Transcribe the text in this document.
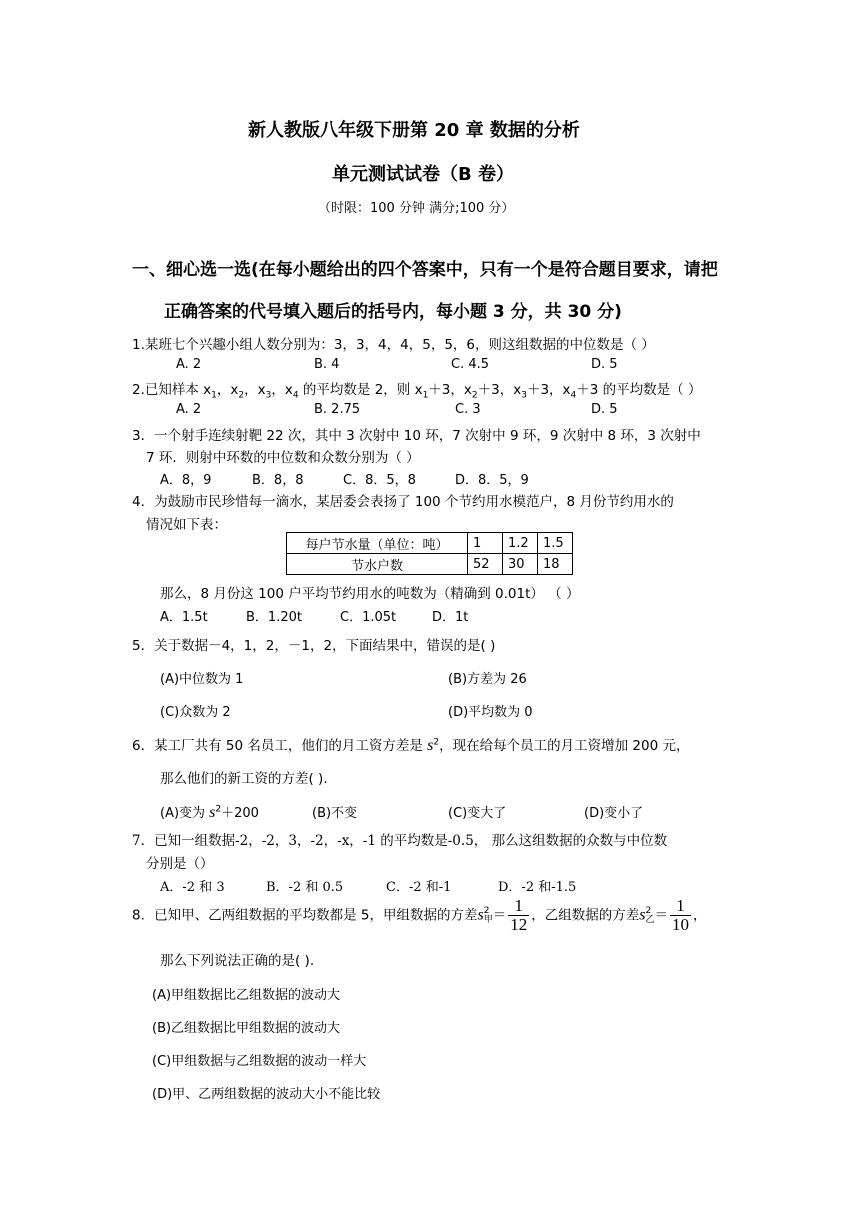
新人教版八年级下册第 20 章 数据的分析
单元测试试卷（B 卷）
（时限：100 分钟 满分;100 分）
一、细心选一选(在每小题给出的四个答案中，只有一个是符合题目要求，请把
正确答案的代号填入题后的括号内，每小题 3 分，共 30 分)
1.某班七个兴趣小组人数分别为：3，3，4，4，5，5，6，则这组数据的中位数是（ ）
A. 2	B. 4	C. 4.5	D. 5
2.已知样本 $x_1$，$x_2$，$x_3$，$x_4$ 的平均数是 2，则 $x_1+3$，$x_2+3$，$x_3+3$，$x_4+3$ 的平均数是（ ）
A. 2	B. 2.75	C. 3	D. 5
3．一个射手连续射靶 22 次，其中 3 次射中 10 环，7 次射中 9 环，9 次射中 8 环，3 次射中
7 环．则射中环数的中位数和众数分别为（ ）
A．8，9	B．8，8	C．8．5，8	D．8．5，9
4．为鼓励市民珍惜每一滴水，某居委会表扬了 100 个节约用水模范户，8 月份节约用水的
情况如下表：
每户节水量（单位：吨）	1	1.2	1.5
节水户数	52	30	18
那么，8 月份这 100 户平均节约用水的吨数为（精确到 0.01t） （ ）
A．1.5t	B．1.20t	C．1.05t	D．1t
5．关于数据－4，1，2，－1，2，下面结果中，错误的是( )
(A)中位数为 1	(B)方差为 26
(C)众数为 2	(D)平均数为 0
6．某工厂共有 50 名员工，他们的月工资方差是 $s^2$，现在给每个员工的月工资增加 200 元，
那么他们的新工资的方差( ).
(A)变为 $s^2+200$	(B)不变	(C)变大了	(D)变小了
7．已知一组数据-2，-2，3，-2，-x，-1 的平均数是-0.5， 那么这组数据的众数与中位数
分别是（）
A．-2 和 3	B．-2 和 0.5	C．-2 和-1	D．-2 和-1.5
8．已知甲、乙两组数据的平均数都是 5，甲组数据的方差s 2
甲 ＝ $\frac{1}{12}$ ，乙组数据的方差s 2
乙 ＝ $\frac{1}{10}$ ，
那么下列说法正确的是( ).
(A)甲组数据比乙组数据的波动大
(B)乙组数据比甲组数据的波动大
(C)甲组数据与乙组数据的波动一样大
(D)甲、乙两组数据的波动大小不能比较
